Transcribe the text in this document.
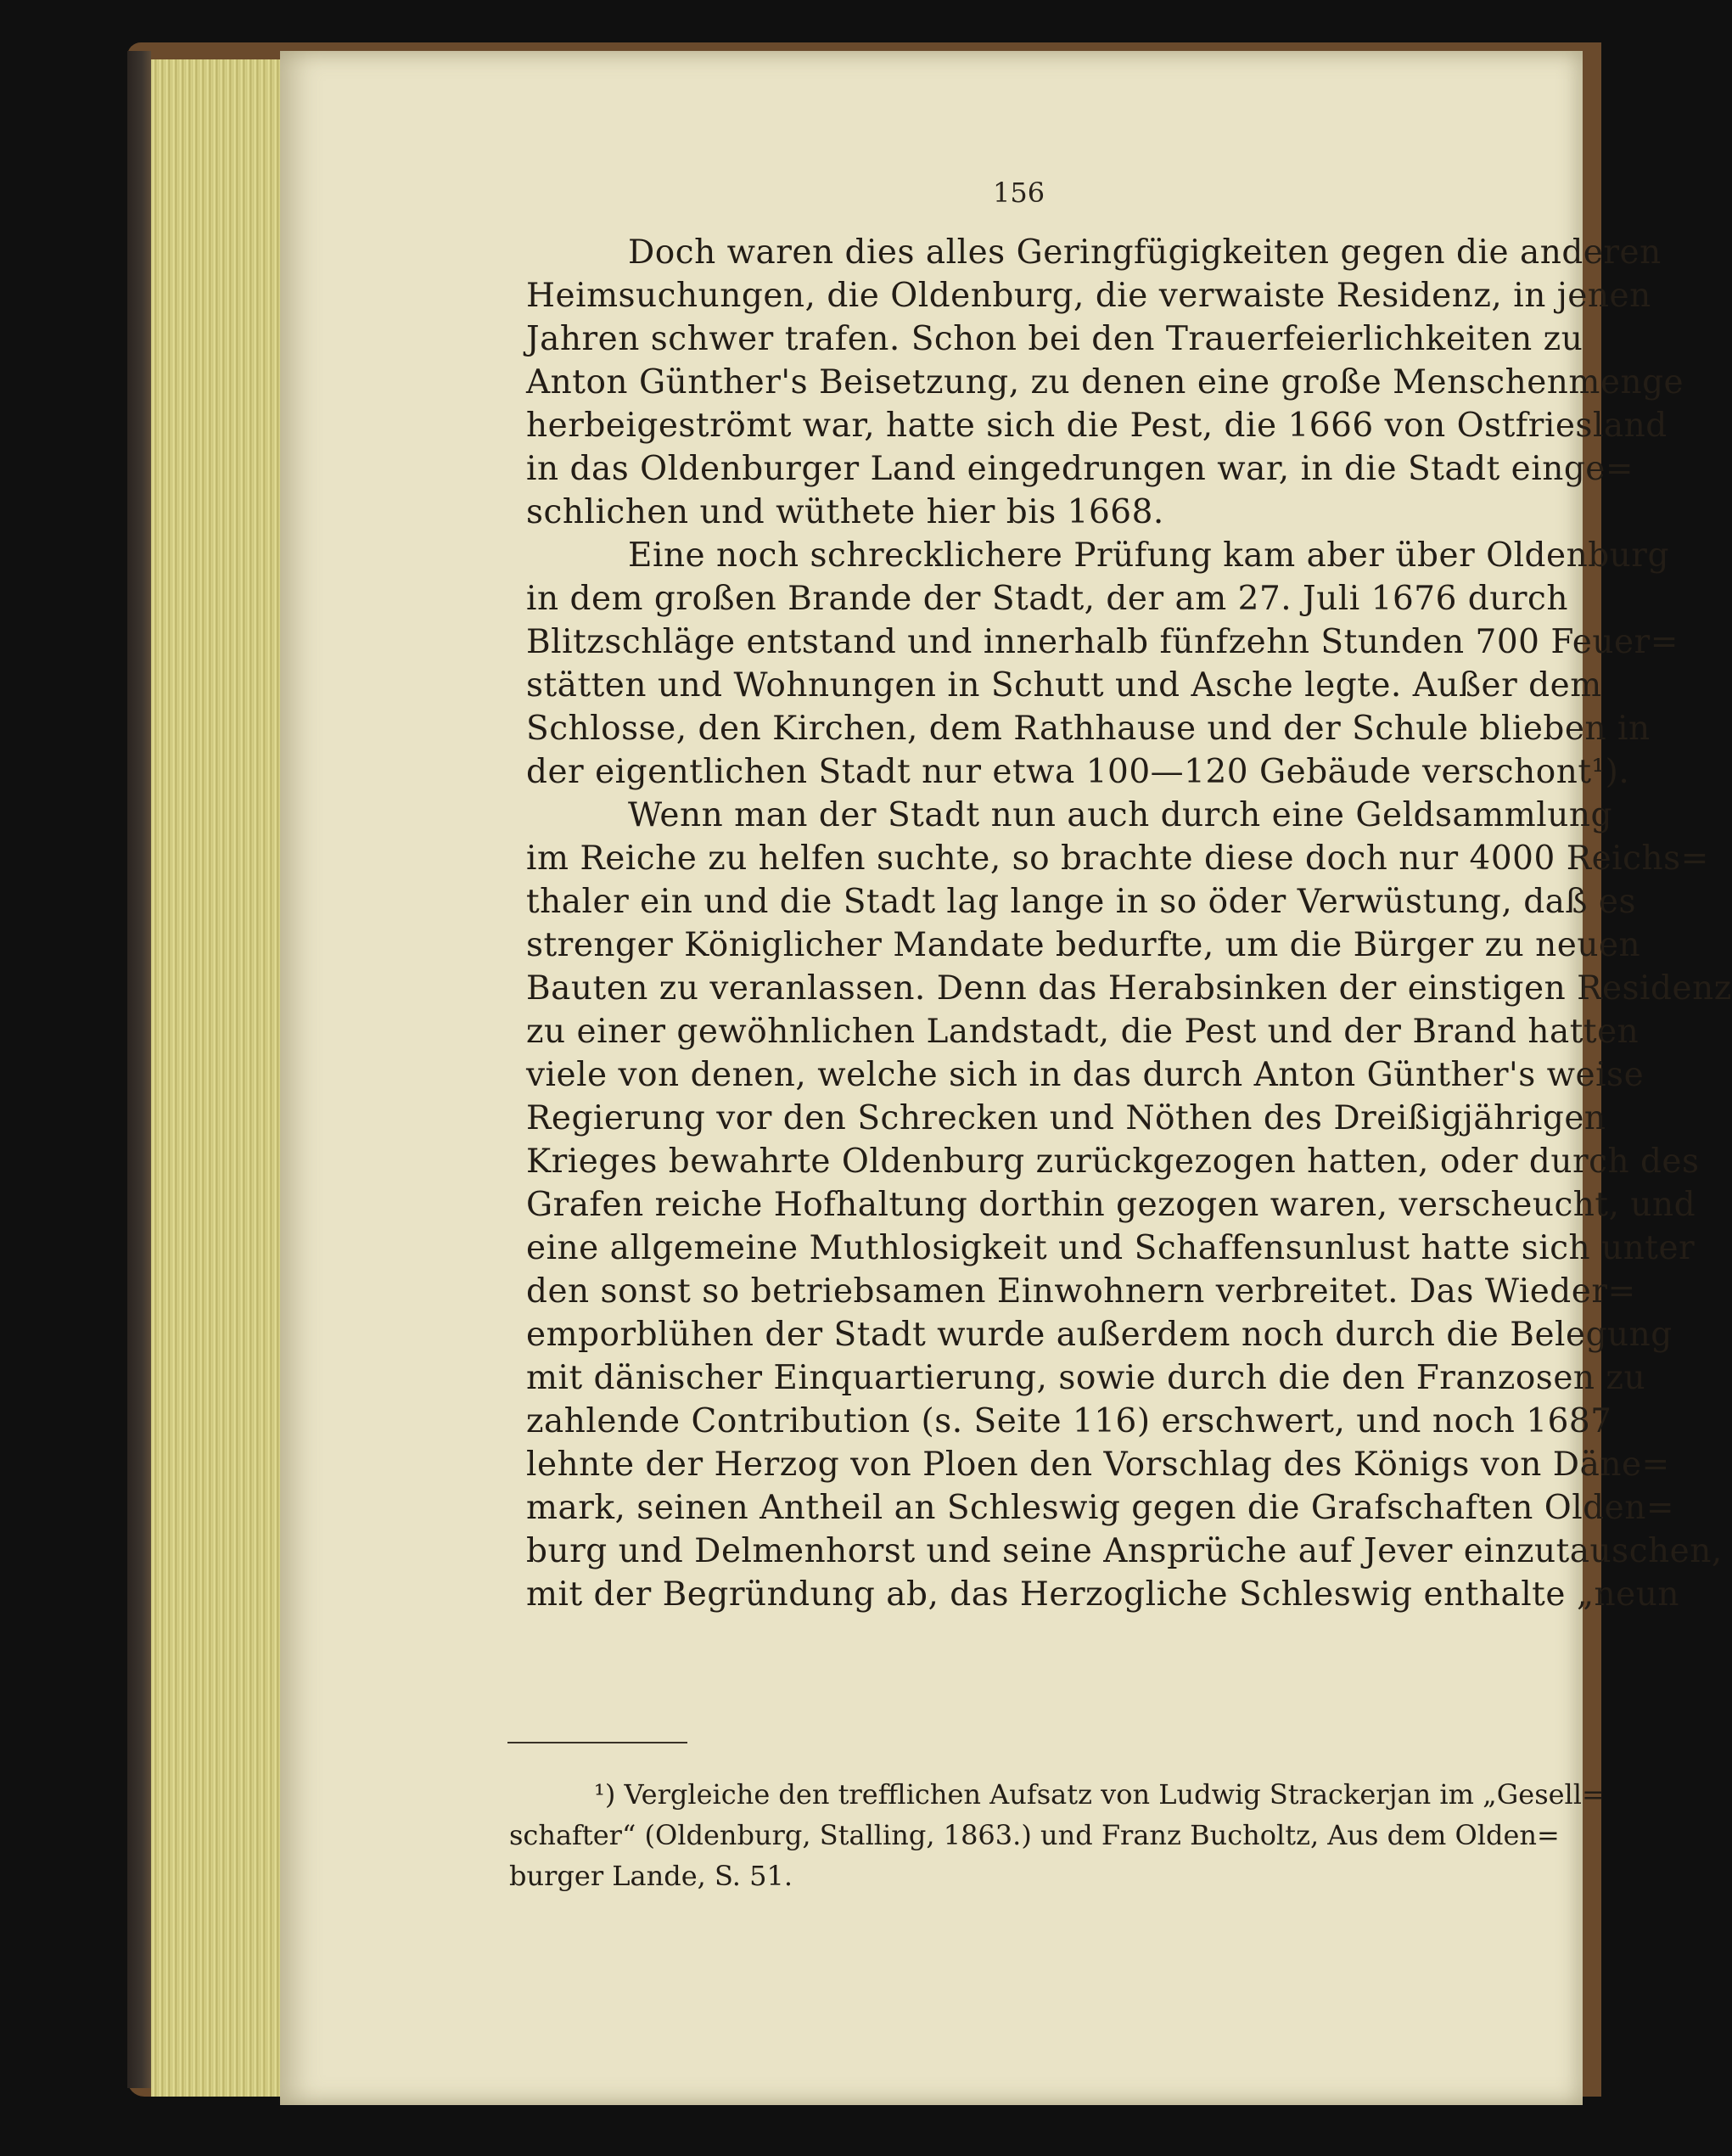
156
Doch waren dies alles Geringfügigkeiten gegen die anderen
Heimsuchungen, die Oldenburg, die verwaiste Residenz, in jenen
Jahren schwer trafen. Schon bei den Trauerfeierlichkeiten zu
Anton Günther's Beisetzung, zu denen eine große Menschenmenge
herbeigeströmt war, hatte sich die Pest, die 1666 von Ostfriesland
in das Oldenburger Land eingedrungen war, in die Stadt einge=
schlichen und wüthete hier bis 1668.
Eine noch schrecklichere Prüfung kam aber über Oldenburg
in dem großen Brande der Stadt, der am 27. Juli 1676 durch
Blitzschläge entstand und innerhalb fünfzehn Stunden 700 Feuer=
stätten und Wohnungen in Schutt und Asche legte. Außer dem
Schlosse, den Kirchen, dem Rathhause und der Schule blieben in
der eigentlichen Stadt nur etwa 100—120 Gebäude verschont¹).
Wenn man der Stadt nun auch durch eine Geldsammlung
im Reiche zu helfen suchte, so brachte diese doch nur 4000 Reichs=
thaler ein und die Stadt lag lange in so öder Verwüstung, daß es
strenger Königlicher Mandate bedurfte, um die Bürger zu neuen
Bauten zu veranlassen. Denn das Herabsinken der einstigen Residenz
zu einer gewöhnlichen Landstadt, die Pest und der Brand hatten
viele von denen, welche sich in das durch Anton Günther's weise
Regierung vor den Schrecken und Nöthen des Dreißigjährigen
Krieges bewahrte Oldenburg zurückgezogen hatten, oder durch des
Grafen reiche Hofhaltung dorthin gezogen waren, verscheucht, und
eine allgemeine Muthlosigkeit und Schaffensunlust hatte sich unter
den sonst so betriebsamen Einwohnern verbreitet. Das Wieder=
emporblühen der Stadt wurde außerdem noch durch die Belegung
mit dänischer Einquartierung, sowie durch die den Franzosen zu
zahlende Contribution (s. Seite 116) erschwert, und noch 1687
lehnte der Herzog von Ploen den Vorschlag des Königs von Däne=
mark, seinen Antheil an Schleswig gegen die Grafschaften Olden=
burg und Delmenhorst und seine Ansprüche auf Jever einzutauschen,
mit der Begründung ab, das Herzogliche Schleswig enthalte „neun
¹) Vergleiche den trefflichen Aufsatz von Ludwig Strackerjan im „Gesell=
schafter“ (Oldenburg, Stalling, 1863.) und Franz Bucholtz, Aus dem Olden=
burger Lande, S. 51.
